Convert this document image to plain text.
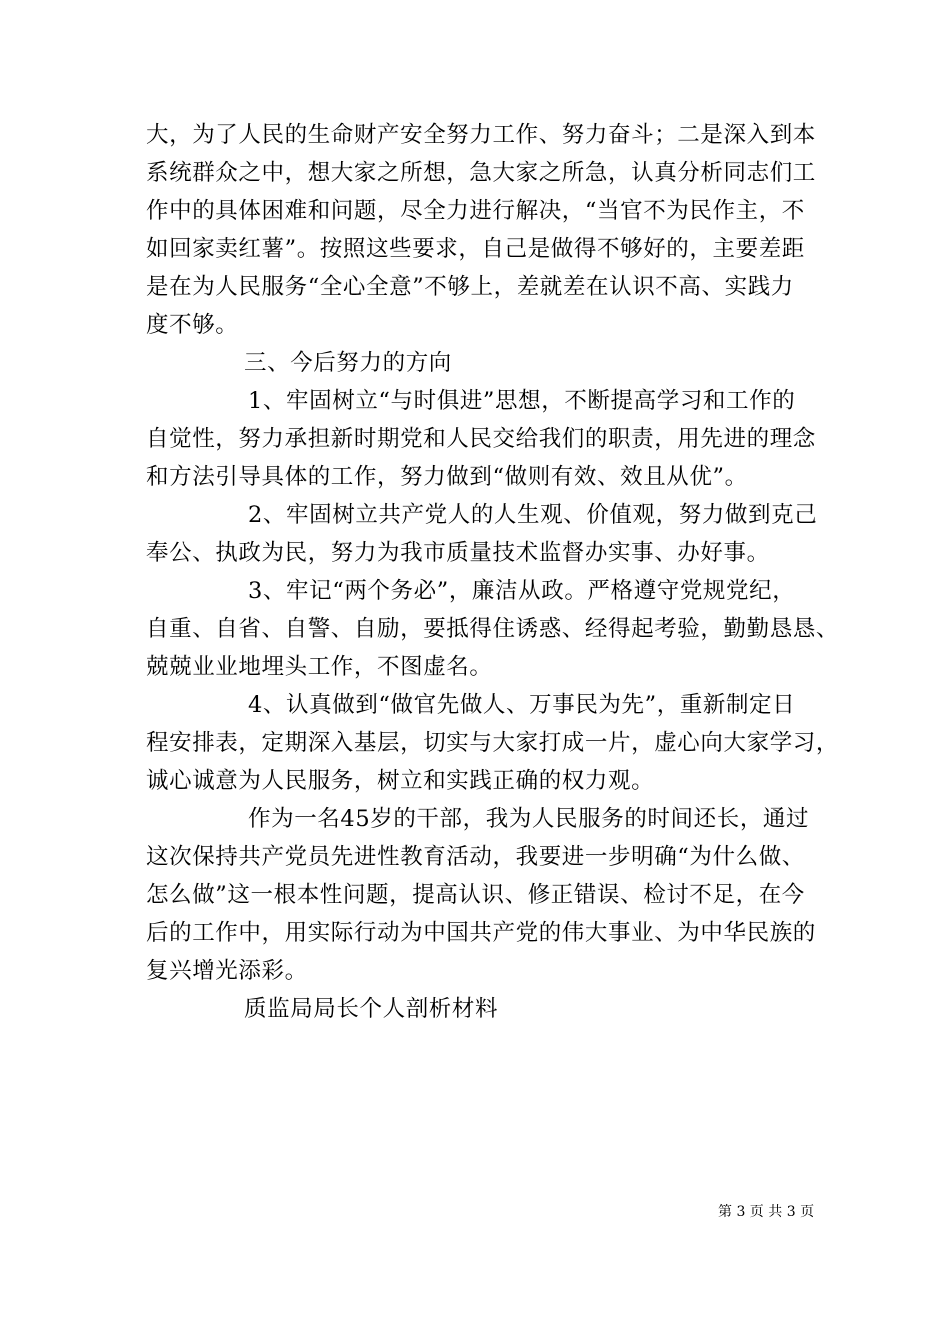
大，为了人民的生命财产安全努力工作、努力奋斗；二是深入到本
系统群众之中，想大家之所想，急大家之所急，认真分析同志们工
作中的具体困难和问题，尽全力进行解决，“当官不为民作主，不
如回家卖红薯”。按照这些要求，自己是做得不够好的，主要差距
是在为人民服务“全心全意”不够上，差就差在认识不高、实践力
度不够。
三、今后努力的方向
1、牢固树立“与时俱进”思想，不断提高学习和工作的
自觉性，努力承担新时期党和人民交给我们的职责，用先进的理念
和方法引导具体的工作，努力做到“做则有效、效且从优”。
2、牢固树立共产党人的人生观、价值观，努力做到克己
奉公、执政为民，努力为我市质量技术监督办实事、办好事。
3、牢记“两个务必”，廉洁从政。严格遵守党规党纪，
自重、自省、自警、自励，要抵得住诱惑、经得起考验，勤勤恳恳、
兢兢业业地埋头工作，不图虚名。
4、认真做到“做官先做人、万事民为先”，重新制定日
程安排表，定期深入基层，切实与大家打成一片，虚心向大家学习，
诚心诚意为人民服务，树立和实践正确的权力观。
作为一名45岁的干部，我为人民服务的时间还长，通过
这次保持共产党员先进性教育活动，我要进一步明确“为什么做、
怎么做”这一根本性问题，提高认识、修正错误、检讨不足，在今
后的工作中，用实际行动为中国共产党的伟大事业、为中华民族的
复兴增光添彩。
质监局局长个人剖析材料
第 3 页 共 3 页
